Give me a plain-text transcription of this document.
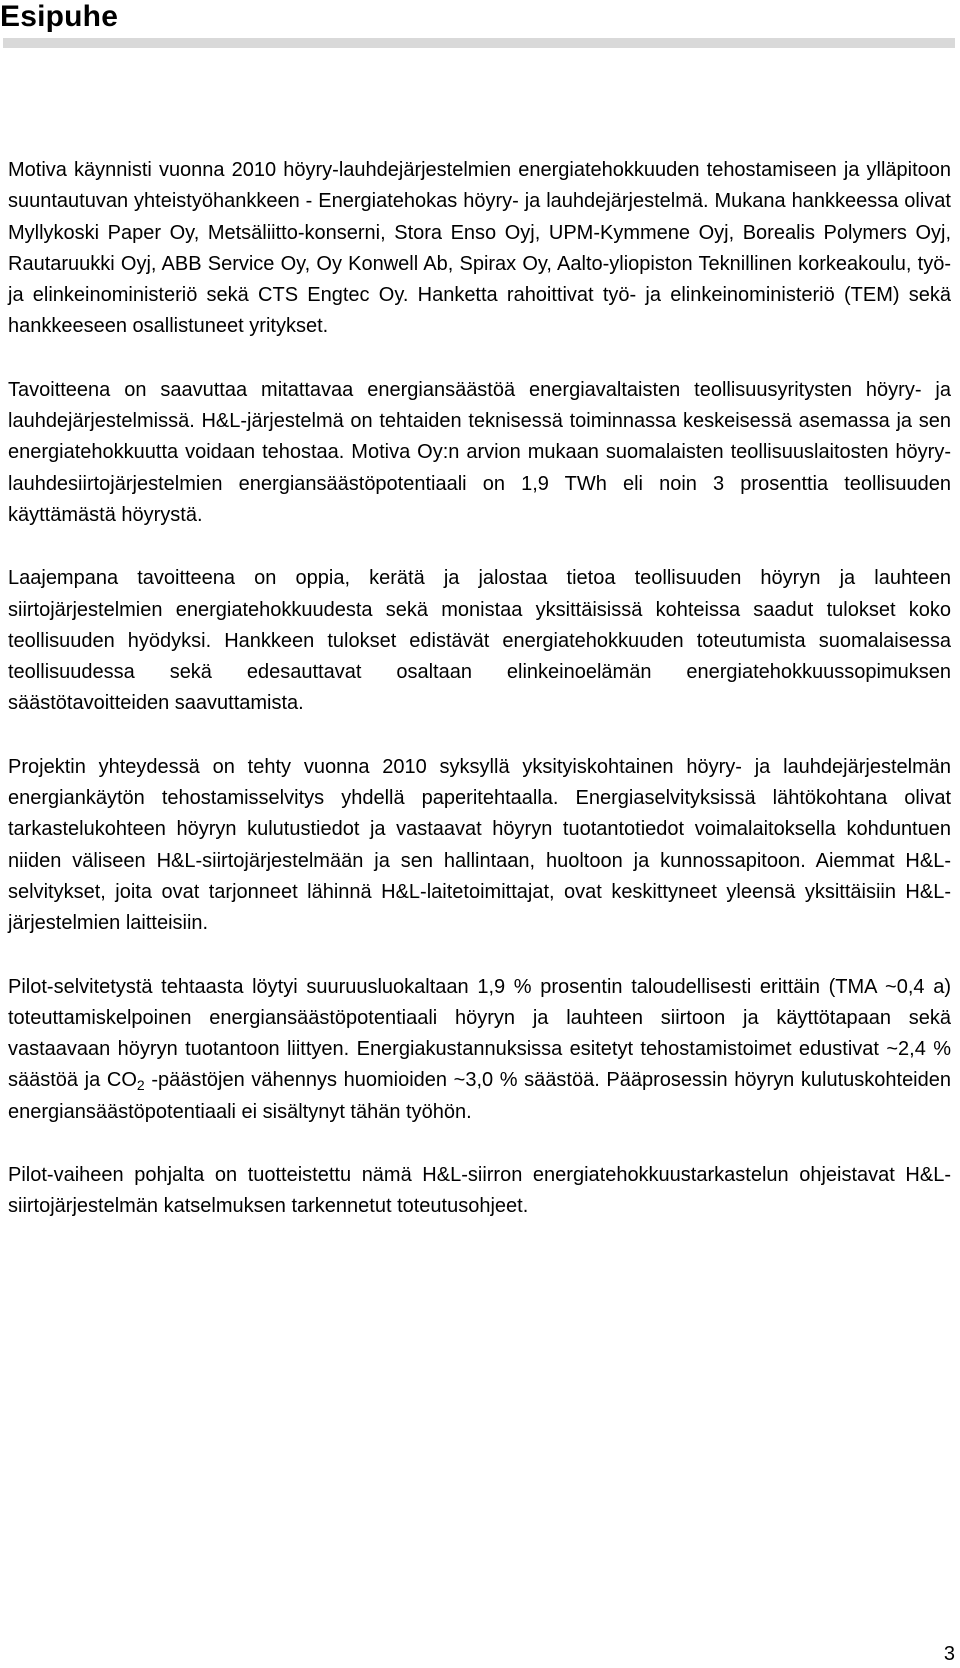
Esipuhe

Motiva käynnisti vuonna 2010 höyry-lauhdejärjestelmien energiatehokkuuden tehostamiseen ja ylläpitoon suuntautuvan yhteistyöhankkeen - Energiatehokas höyry- ja lauhdejärjestelmä. Mukana hankkeessa olivat Myllykoski Paper Oy, Metsäliitto-konserni, Stora Enso Oyj, UPM-Kymmene Oyj, Borealis Polymers Oyj, Rautaruukki Oyj, ABB Service Oy, Oy Konwell Ab, Spirax Oy, Aalto-yliopiston Teknillinen korkeakoulu, työ- ja elinkeinoministeriö sekä CTS Engtec Oy. Hanketta rahoittivat työ- ja elinkeinoministeriö (TEM) sekä hankkeeseen osallistuneet yritykset.

Tavoitteena on saavuttaa mitattavaa energiansäästöä energiavaltaisten teollisuusyritysten höyry- ja lauhdejärjestelmissä. H&L-järjestelmä on tehtaiden teknisessä toiminnassa keskeisessä asemassa ja sen energiatehokkuutta voidaan tehostaa. Motiva Oy:n arvion mukaan suomalaisten teollisuuslaitosten höyry-lauhdesiirtojärjestelmien energiansäästöpotentiaali on 1,9 TWh eli noin 3 prosenttia teollisuuden käyttämästä höyrystä.

Laajempana tavoitteena on oppia, kerätä ja jalostaa tietoa teollisuuden höyryn ja lauhteen siirtojärjestelmien energiatehokkuudesta sekä monistaa yksittäisissä kohteissa saadut tulokset koko teollisuuden hyödyksi. Hankkeen tulokset edistävät energiatehokkuuden toteutumista suomalaisessa teollisuudessa sekä edesauttavat osaltaan elinkeinoelämän energiatehokkuussopimuksen säästötavoitteiden saavuttamista.

Projektin yhteydessä on tehty vuonna 2010 syksyllä yksityiskohtainen höyry- ja lauhdejärjestelmän energiankäytön tehostamisselvitys yhdellä paperitehtaalla. Energiaselvityksissä lähtökohtana olivat tarkastelukohteen höyryn kulutustiedot ja vastaavat höyryn tuotantotiedot voimalaitoksella kohduntuen niiden väliseen H&L-siirtojärjestelmään ja sen hallintaan, huoltoon ja kunnossapitoon. Aiemmat H&L-selvitykset, joita ovat tarjonneet lähinnä H&L-laitetoimittajat, ovat keskittyneet yleensä yksittäisiin H&L-järjestelmien laitteisiin.

Pilot-selvitetystä tehtaasta löytyi suuruusluokaltaan 1,9 % prosentin taloudellisesti erittäin (TMA ~0,4 a) toteuttamiskelpoinen energiansäästöpotentiaali höyryn ja lauhteen siirtoon ja käyttötapaan sekä vastaavaan höyryn tuotantoon liittyen. Energiakustannuksissa esitetyt tehostamistoimet edustivat ~2,4 % säästöä ja $CO_2$ -päästöjen vähennys huomioiden ~3,0 % säästöä. Pääprosessin höyryn kulutuskohteiden energiansäästöpotentiaali ei sisältynyt tähän työhön.

Pilot-vaiheen pohjalta on tuotteistettu nämä H&L-siirron energiatehokkuustarkastelun ohjeistavat H&L-siirtojärjestelmän katselmuksen tarkennetut toteutusohjeet.

3
